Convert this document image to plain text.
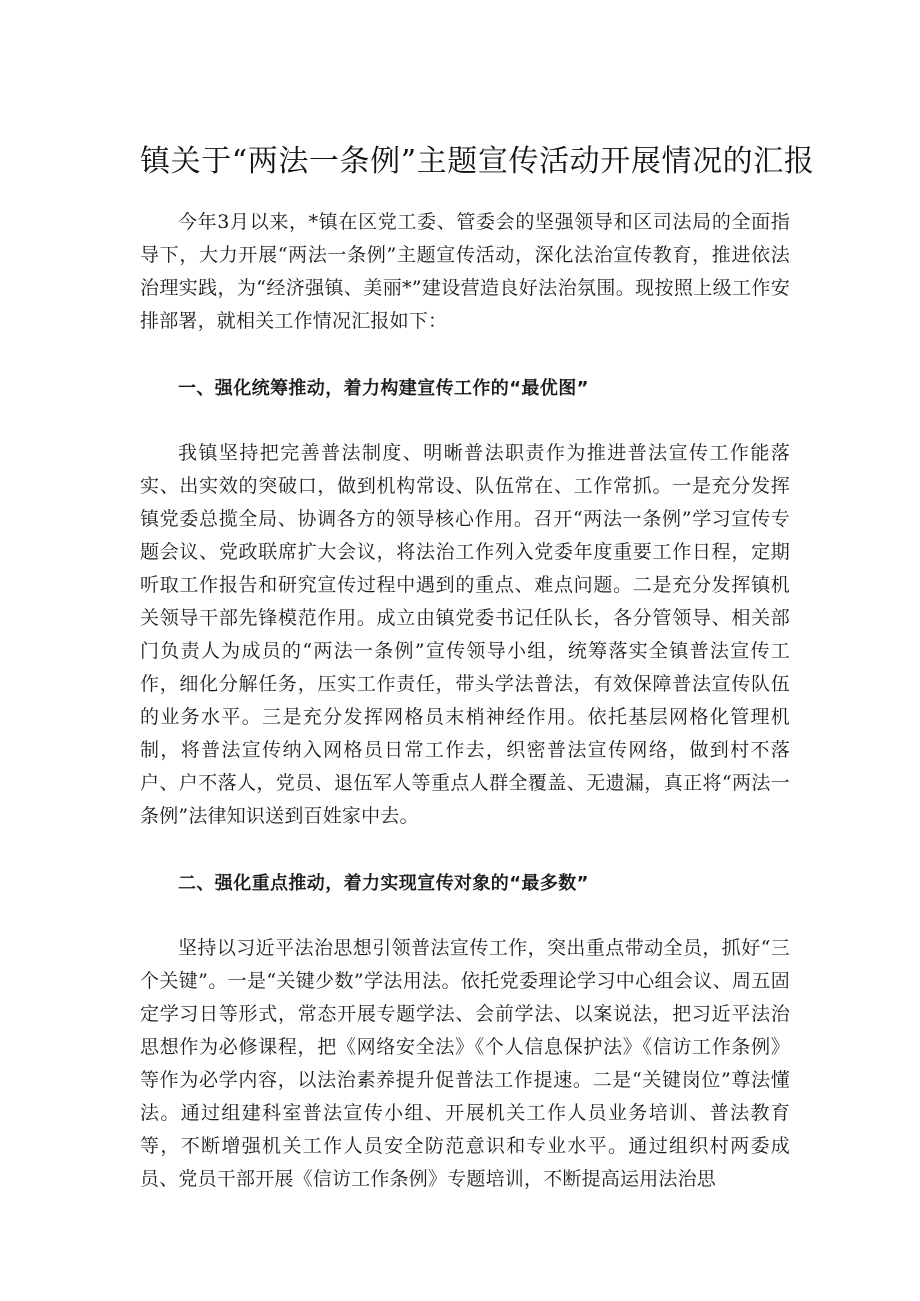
镇关于“两法一条例”主题宣传活动开展情况的汇报

今年3月以来，*镇在区党工委、管委会的坚强领导和区司法局的全面指导下，大力开展“两法一条例”主题宣传活动，深化法治宣传教育，推进依法治理实践，为“经济强镇、美丽*”建设营造良好法治氛围。现按照上级工作安排部署，就相关工作情况汇报如下：

一、强化统筹推动，着力构建宣传工作的“最优图”

我镇坚持把完善普法制度、明晰普法职责作为推进普法宣传工作能落实、出实效的突破口，做到机构常设、队伍常在、工作常抓。一是充分发挥镇党委总揽全局、协调各方的领导核心作用。召开“两法一条例”学习宣传专题会议、党政联席扩大会议，将法治工作列入党委年度重要工作日程，定期听取工作报告和研究宣传过程中遇到的重点、难点问题。二是充分发挥镇机关领导干部先锋模范作用。成立由镇党委书记任队长，各分管领导、相关部门负责人为成员的“两法一条例”宣传领导小组，统筹落实全镇普法宣传工作，细化分解任务，压实工作责任，带头学法普法，有效保障普法宣传队伍的业务水平。三是充分发挥网格员末梢神经作用。依托基层网格化管理机制，将普法宣传纳入网格员日常工作去，织密普法宣传网络，做到村不落户、户不落人，党员、退伍军人等重点人群全覆盖、无遗漏，真正将“两法一条例”法律知识送到百姓家中去。

二、强化重点推动，着力实现宣传对象的“最多数”

坚持以习近平法治思想引领普法宣传工作，突出重点带动全员，抓好“三个关键”。一是“关键少数”学法用法。依托党委理论学习中心组会议、周五固定学习日等形式，常态开展专题学法、会前学法、以案说法，把习近平法治思想作为必修课程，把《网络安全法》《个人信息保护法》《信访工作条例》等作为必学内容，以法治素养提升促普法工作提速。二是“关键岗位”尊法懂法。通过组建科室普法宣传小组、开展机关工作人员业务培训、普法教育等，不断增强机关工作人员安全防范意识和专业水平。通过组织村两委成员、党员干部开展《信访工作条例》专题培训，不断提高运用法治思
